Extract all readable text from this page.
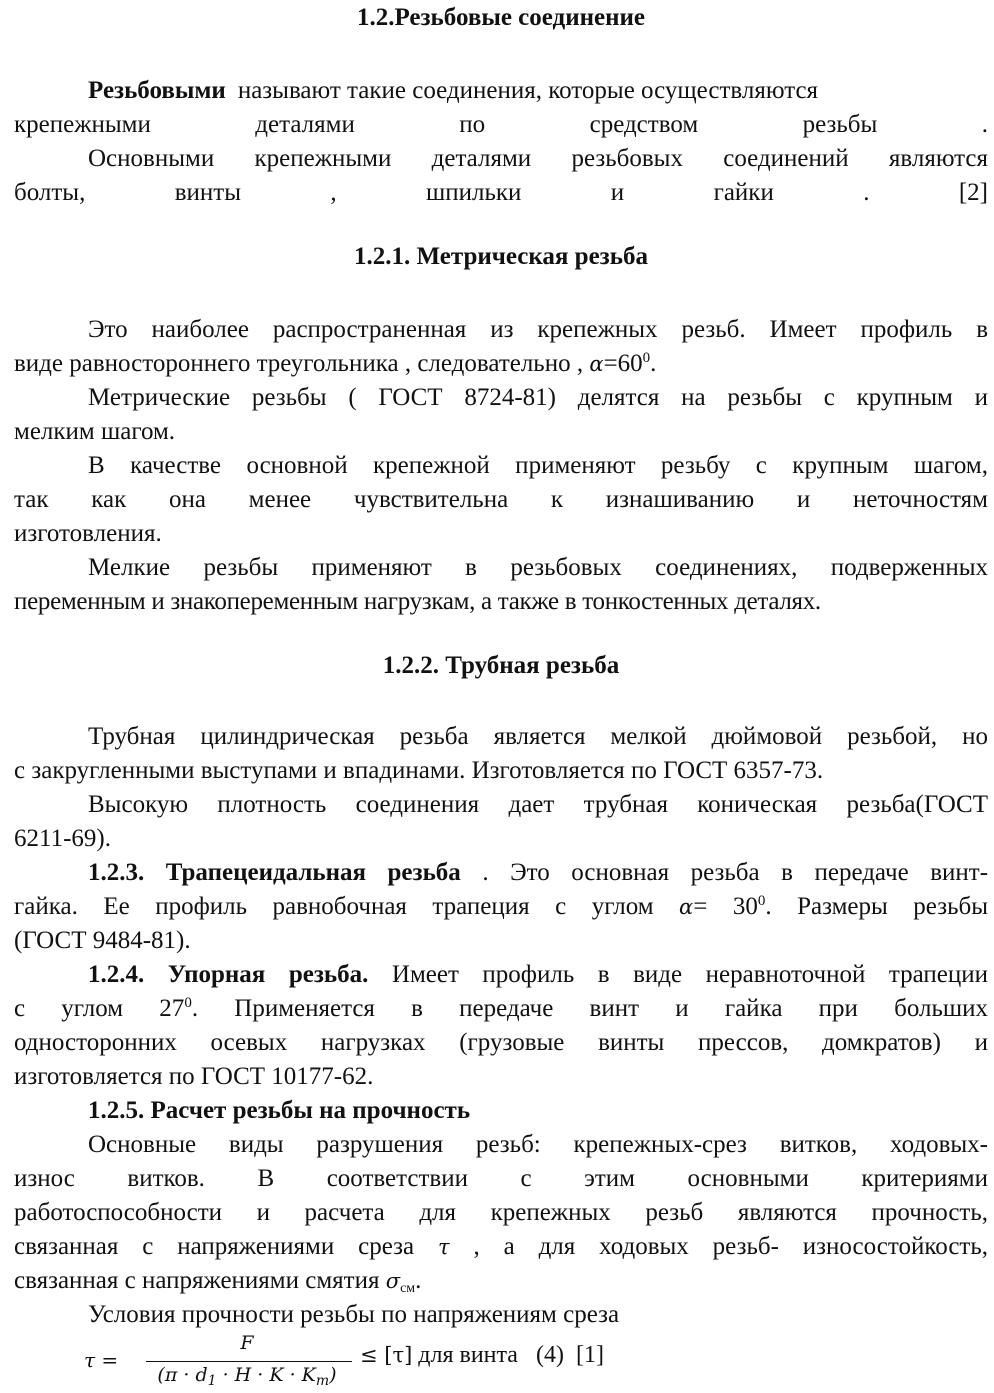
1.2.Резьбовые соединение
Резьбовыми называют такие соединения, которые осуществляются
крепежными деталями по средством резьбы .
Основными крепежными деталями резьбовых соединений являются
болты, винты , шпильки и гайки . [2]
1.2.1. Метрическая резьба
Это наиболее распространенная из крепежных резьб. Имеет профиль в
виде равностороннего треугольника , следовательно , $\alpha=60^0$.
Метрические резьбы ( ГОСТ 8724-81) делятся на резьбы с крупным и
мелким шагом.
В качестве основной крепежной применяют резьбу с крупным шагом,
так как она менее чувствительна к изнашиванию и неточностям
изготовления.
Мелкие резьбы применяют в резьбовых соединениях, подверженных
переменным и знакопеременным нагрузкам, а также в тонкостенных деталях.
1.2.2. Трубная резьба
Трубная цилиндрическая резьба является мелкой дюймовой резьбой, но
с закругленными выступами и впадинами. Изготовляется по ГОСТ 6357-73.
Высокую плотность соединения дает трубная коническая резьба(ГОСТ
6211-69).
1.2.3. Трапецеидальная резьба . Это основная резьба в передаче винт-
гайка. Ее профиль равнобочная трапеция с углом $\alpha= 30^0$. Размеры резьбы
(ГОСТ 9484-81).
1.2.4. Упорная резьба. Имеет профиль в виде неравноточной трапеции
с углом $27^0$. Применяется в передаче винт и гайка при больших
односторонних осевых нагрузках (грузовые винты прессов, домкратов) и
изготовляется по ГОСТ 10177-62.
1.2.5. Расчет резьбы на прочность
Основные виды разрушения резьб: крепежных-срез витков, ходовых-
износ витков. В соответствии с этим основными критериями
работоспособности и расчета для крепежных резьб являются прочность,
связанная с напряжениями среза τ , а для ходовых резьб- износостойкость,
связанная с напряжениями смятия $\sigma_{см}$.
Условия прочности резьбы по напряжениям среза
τ =
F
$(\pi \cdot d_1 \cdot H \cdot K \cdot K_m)$
≤ [τ] для винта (4) [1]
